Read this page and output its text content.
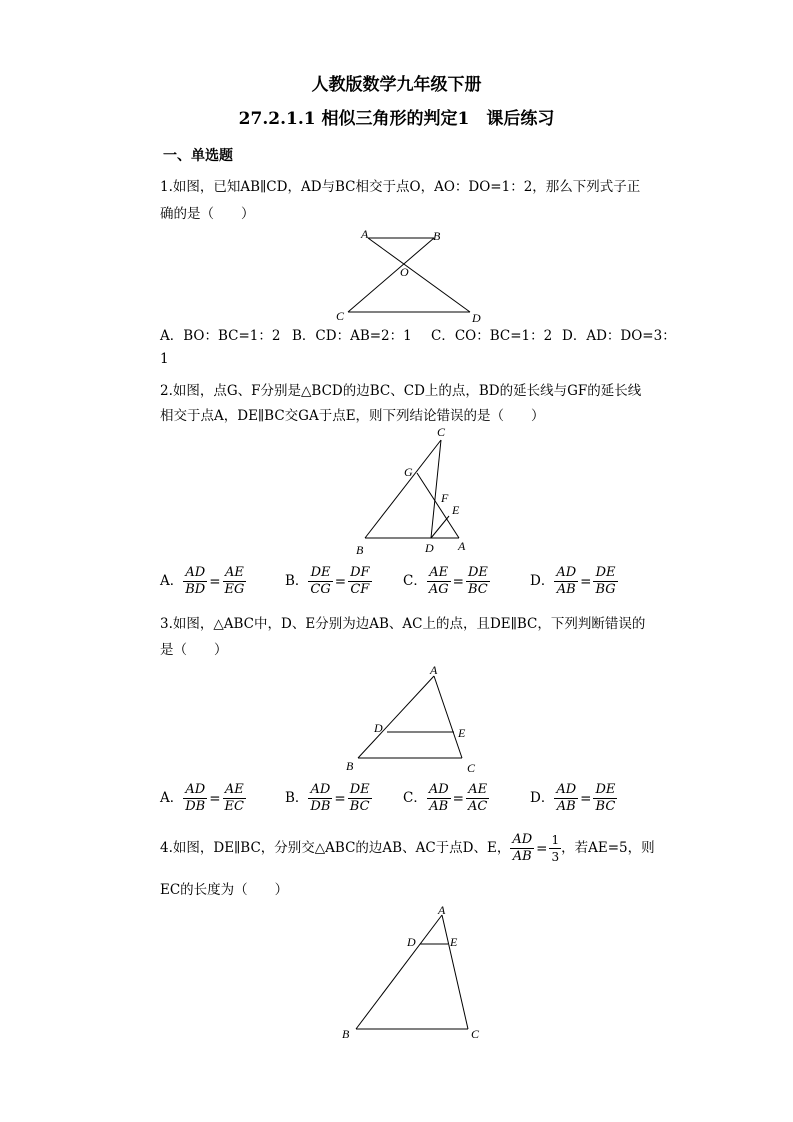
人教版数学九年级下册
27.2.1.1 相似三角形的判定1　课后练习
一、单选题
1.如图，已知AB∥CD，AD与BC相交于点O，AO：DO=1：2，那么下列式子正
确的是（　　）
A	B
O
C	D
A．BO：BC=1：2 B．CD：AB=2：1 C．CO：BC=1：2 D．AD：DO=3：
1
2.如图，点G、F分别是△BCD的边BC、CD上的点，BD的延长线与GF的延长线
相交于点A，DE∥BC交GA于点E，则下列结论错误的是（　　）
C
G
F
E
B	D A
A． $\frac{AD}{BD} = \frac{AE}{EG}$	B． $\frac{DE}{CG} = \frac{DF}{CF}$ C． $\frac{AE}{AG} = \frac{DE}{BC}$	D． $\frac{AD}{AB} = \frac{DE}{BG}$
3.如图，△ABC中，D、E分别为边AB、AC上的点，且DE∥BC，下列判断错误的
是（　　）
A
D	E
B	C
A． $\frac{AD}{DB} = \frac{AE}{EC}$	B． $\frac{AD}{DB} = \frac{DE}{BC}$ C． $\frac{AD}{AB} = \frac{AE}{AC}$	D． $\frac{AD}{AB} = \frac{DE}{BC}$
4.如图，DE∥BC，分别交△ABC的边AB、AC于点D、E， $\frac{AD}{AB} = \frac{1}{3}$ ，若AE=5，则
EC的长度为（　　）
A
D	E
B	C
